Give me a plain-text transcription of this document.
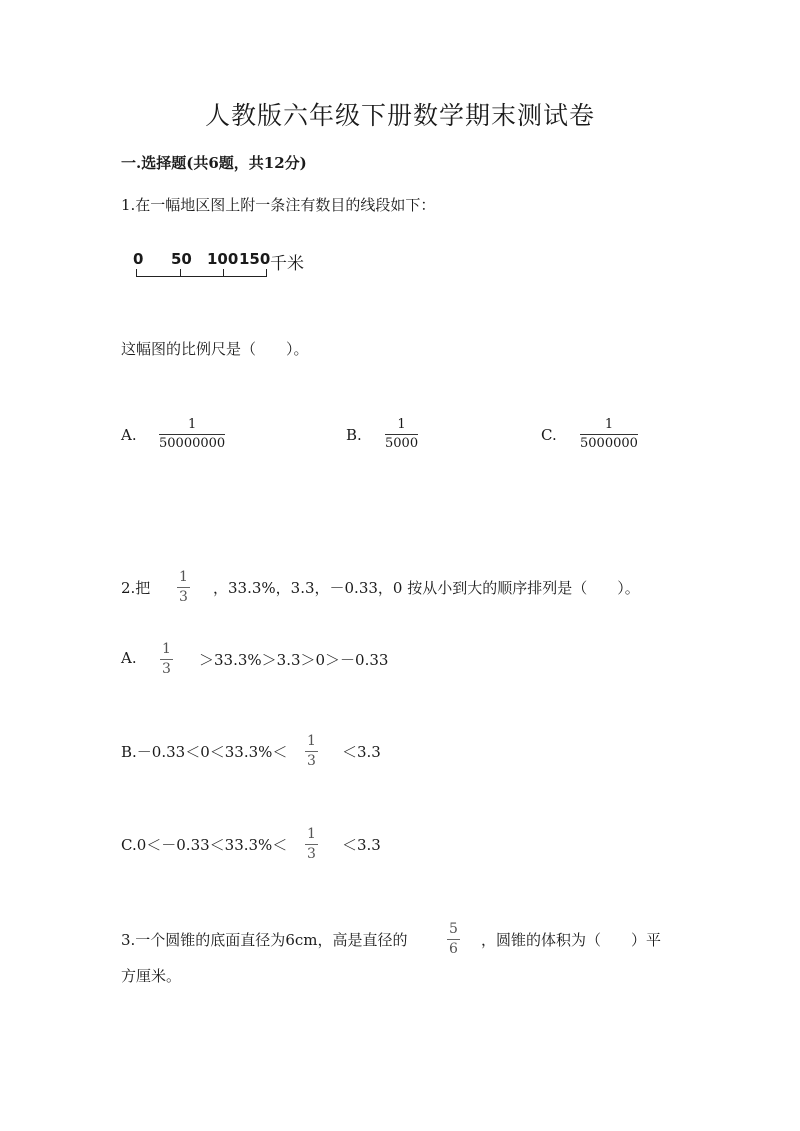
人教版六年级下册数学期末测试卷
一.选择题(共6题，共12分)
1.在一幅地区图上附一条注有数目的线段如下：
0 50 100 150 千米
这幅图的比例尺是（　　）。
A.
1
50000000	B.
1
5000	C.
1
5000000
2.把
1
3 ，33.3%，3.3，－0.33，0 按从小到大的顺序排列是（　　）。
A. 1
3 ＞33.3%＞3.3＞0＞－0.33
B.－0.33＜0＜33.3%＜
1
3 ＜3.3
C.0＜－0.33＜33.3%＜
1
3 ＜3.3
3.一个圆锥的底面直径为6cm，高是直径的
5
6 ，圆锥的体积为（　　）平
方厘米。
